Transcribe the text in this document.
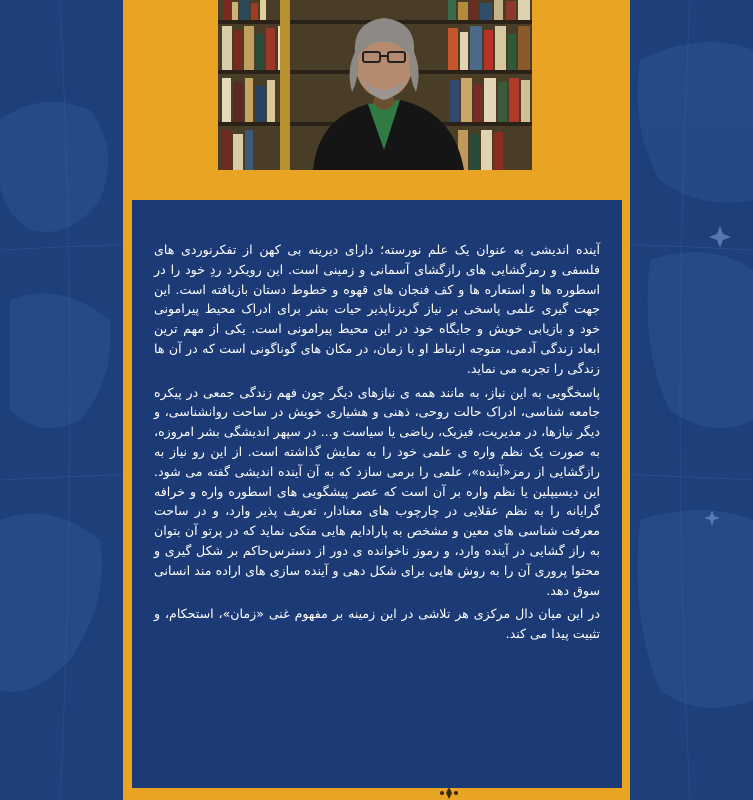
آینده اندیشی به عنوان یک علم نورسته؛ دارای دیرینه بی کهن از تفکرنوردی های فلسفی و رمزگشایی های رازگشای آسمانی و زمینی است. این رویکرد ردِ خود را در اسطوره ها و استعاره ها و کف فنجان های قهوه و خطوط دستان بازیافته است. این جهت گیری علمی پاسخی بر نیاز گریزناپذیر حیات بشر برای ادراک محیط پیرامونی خود و بازیابی خویش و جایگاه خود در این محیط پیرامونی است. یکی از مهم ترین ابعاد زندگی آدمی، متوجه ارتباط او با زمان، در مکان های گوناگونی است که در آن ها زندگی را تجربه می نماید.

پاسخگویی به این نیاز، به مانند همه ی نیازهای دیگر چون فهم زندگی جمعی در پیکره جامعه شناسی، ادراک حالت روحی، ذهنی و هشیاری خویش در ساحت روانشناسی، و دیگر نیازها، در مدیریت، فیزیک، ریاضی یا سیاست و... در سپهر اندیشگی بشر امروزه، به صورت یک نظم واره ی علمی خود را به نمایش گذاشته است. از این رو نیاز به رازگشایی از رمز«آینده»، علمی را برمی سازد که به آن آینده اندیشی گفته می شود. این دیسیپلین یا نظم واره بر آن است که عصر پیشگویی های اسطوره واره و خرافه گرایانه را به نظم عقلایی در چارچوب های معنادار، تعریف پذیر وارد، و در ساحت معرفت شناسی های معین و مشخص به پارادایم هایی متکی نماید که در پرتو آن بتوان به راز گشایی در آینده وارد، و رموز ناخوانده ی دور از دسترس‌حاکم بر شکل گیری و محتوا پروری آن را به روش هایی برای شکل دهی و آینده سازی های اراده مند انسانی سوق دهد.

در این میان دال مرکزی هر تلاشی در این زمینه بر مفهوم غنی «زمان»، استحکام، و تثبیت پیدا می کند.
